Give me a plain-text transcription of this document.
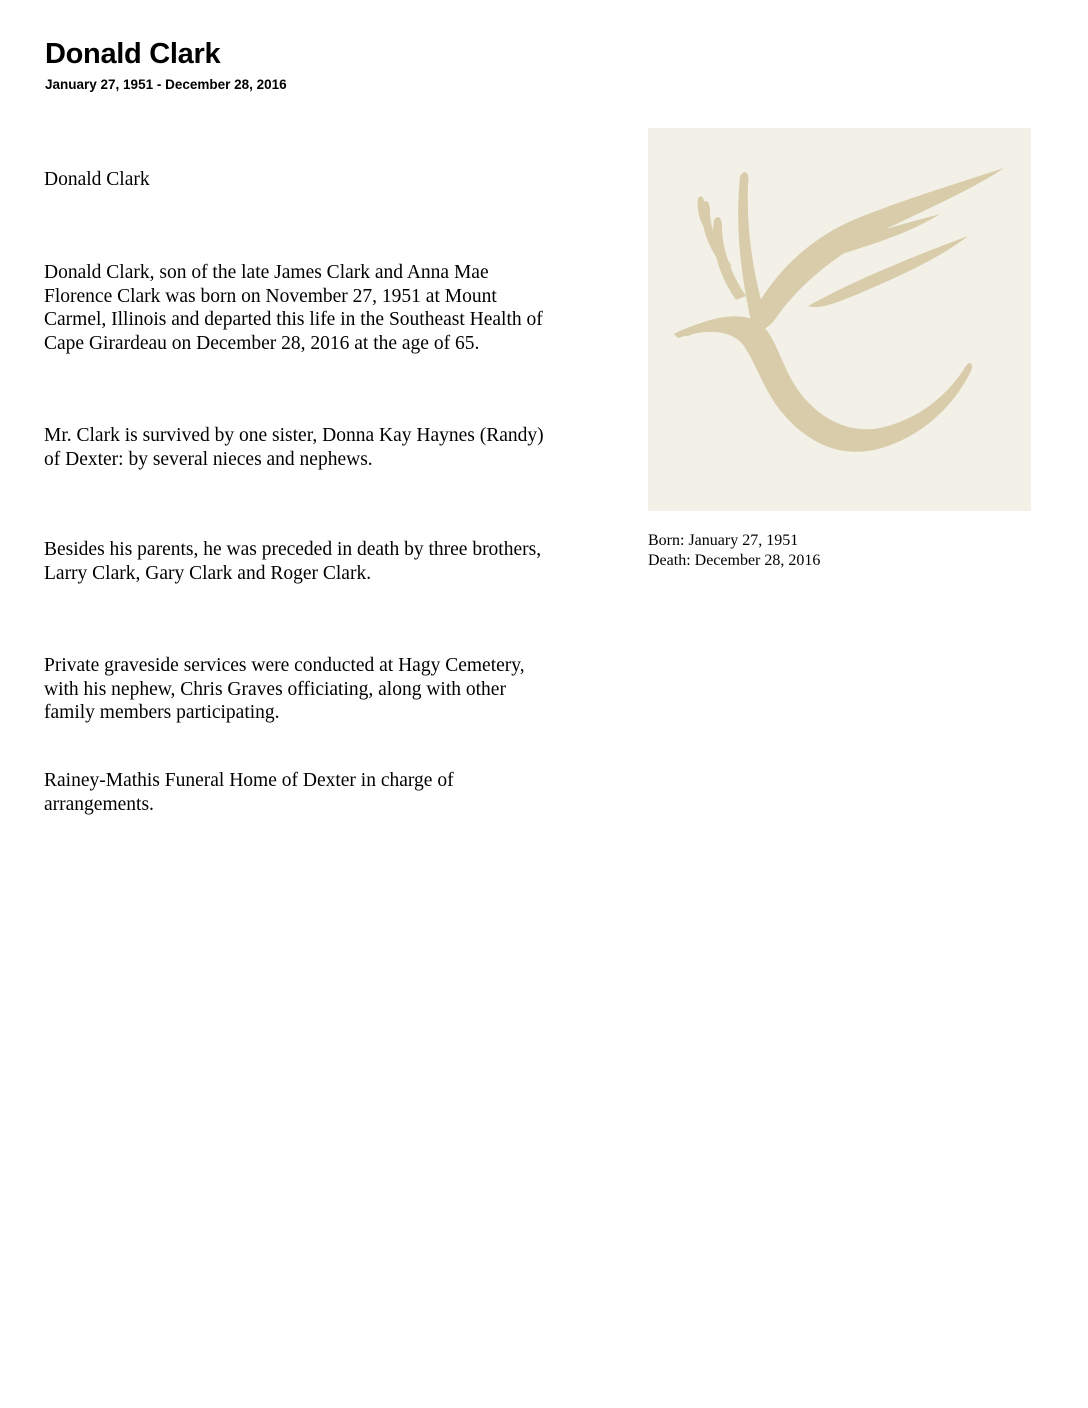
Donald Clark
January 27, 1951 - December 28, 2016

Donald Clark

Donald Clark, son of the late James Clark and Anna Mae
Florence Clark was born on November 27, 1951 at Mount
Carmel, Illinois and departed this life in the Southeast Health of
Cape Girardeau on December 28, 2016 at the age of 65.

Mr. Clark is survived by one sister, Donna Kay Haynes (Randy)
of Dexter: by several nieces and nephews.

Besides his parents, he was preceded in death by three brothers,
Larry Clark, Gary Clark and Roger Clark.

Private graveside services were conducted at Hagy Cemetery,
with his nephew, Chris Graves officiating, along with other
family members participating.

Rainey-Mathis Funeral Home of Dexter in charge of
arrangements.

Born: January 27, 1951
Death: December 28, 2016
